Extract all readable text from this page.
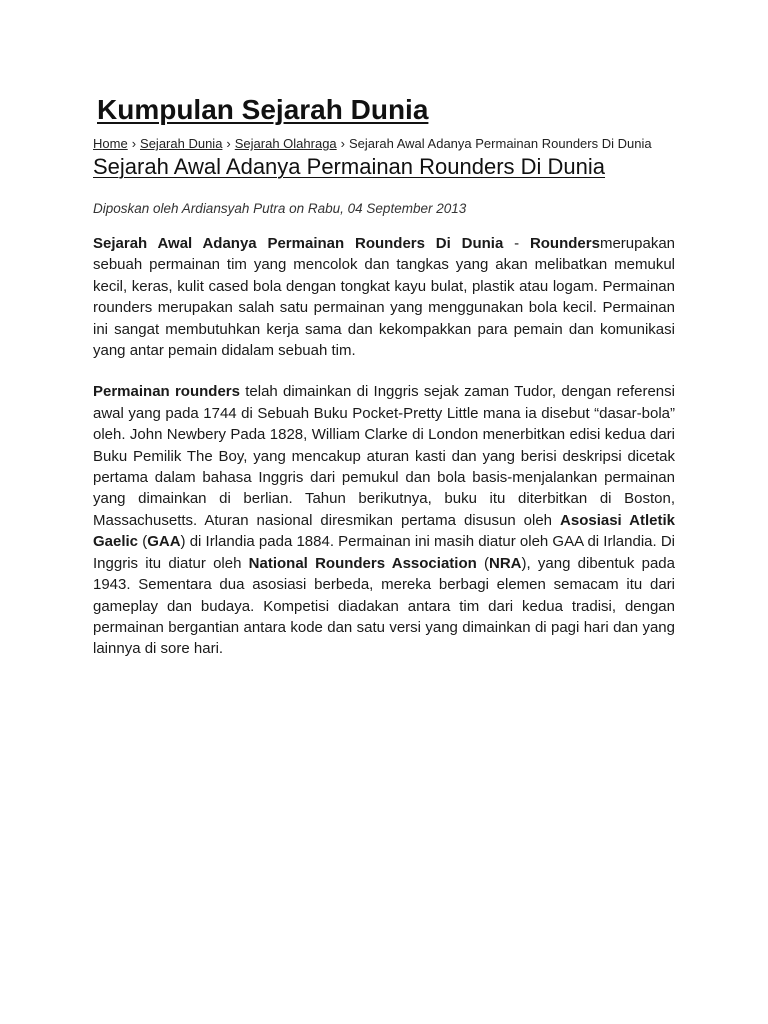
Kumpulan Sejarah Dunia
Home › Sejarah Dunia › Sejarah Olahraga › Sejarah Awal Adanya Permainan Rounders Di Dunia
Sejarah Awal Adanya Permainan Rounders Di Dunia
Diposkan oleh Ardiansyah Putra on Rabu, 04 September 2013

Sejarah Awal Adanya Permainan Rounders Di Dunia - Roundersmerupakan sebuah permainan tim yang mencolok dan tangkas yang akan melibatkan memukul kecil, keras, kulit cased bola dengan tongkat kayu bulat, plastik atau logam. Permainan rounders merupakan salah satu permainan yang menggunakan bola kecil. Permainan ini sangat membutuhkan kerja sama dan kekompakkan para pemain dan komunikasi yang antar pemain didalam sebuah tim.

Permainan rounders telah dimainkan di Inggris sejak zaman Tudor, dengan referensi awal yang pada 1744 di Sebuah Buku Pocket-Pretty Little mana ia disebut “dasar-bola” oleh. John Newbery Pada 1828, William Clarke di London menerbitkan edisi kedua dari Buku Pemilik The Boy, yang mencakup aturan kasti dan yang berisi deskripsi dicetak pertama dalam bahasa Inggris dari pemukul dan bola basis-menjalankan permainan yang dimainkan di berlian. Tahun berikutnya, buku itu diterbitkan di Boston, Massachusetts. Aturan nasional diresmikan pertama disusun oleh Asosiasi Atletik Gaelic (GAA) di Irlandia pada 1884. Permainan ini masih diatur oleh GAA di Irlandia. Di Inggris itu diatur oleh National Rounders Association (NRA), yang dibentuk pada 1943. Sementara dua asosiasi berbeda, mereka berbagi elemen semacam itu dari gameplay dan budaya. Kompetisi diadakan antara tim dari kedua tradisi, dengan permainan bergantian antara kode dan satu versi yang dimainkan di pagi hari dan yang lainnya di sore hari.
